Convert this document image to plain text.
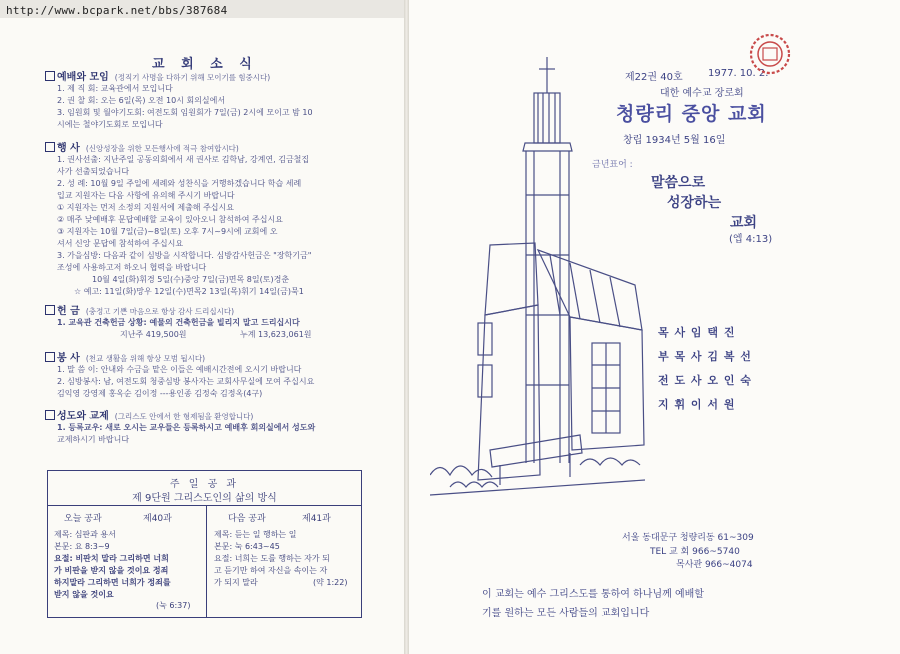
http://www.bcpark.net/bbs/387684
교 회 소 식
예배와 모임 (정직기 사명을 다하기 위해 모이기를 힘중시다)
1. 제 직 회: 교육관에서 모입니다
2. 권 찰 회: 오는 6일(목) 오전 10시 회의실에서
3. 임원회 및 월야기도회: 여전도회 임원회가 7일(금) 2시에 모이고 밤 10
시에는 철야기도회로 모입니다
행 사 (신앙성장을 위한 모든행사에 적극 참여합시다)
1. 권사선출: 지난주일 공동의회에서 새 권사로 김학남, 강계연, 김금철집
사가 선출되었습니다
2. 성 례: 10월 9일 주일에 세례와 성찬식을 거행하겠습니다 학습 세례
입교 지원자는 다음 사항에 유의해 주시기 바랍니다
① 지원자는 먼저 소정의 지원서에 제출해 주십시요
② 매주 낮예배후 문답예배할 교육이 있아오니 참석하여 주십시요
③ 지원자는 10월 7일(금)~8일(토) 오후 7시~9시에 교회에 오
셔서 신앙 문답에 참석하여 주십시요
3. 가을심방: 다음과 같이 심방을 시작합니다. 심방감사헌금은 "장학기금"
조성에 사용하고저 하오니 협력을 바랍니다
10월 4일(화)휘경 5일(수)중앙 7일(금)면목 8일(토)경춘
☆ 예고: 11일(화)망우 12일(수)면목2 13일(목)휘기 14일(금)묵1
헌 금 (충정고 기쁜 마음으로 항상 감사 드리십시다)
1. 교육관 건축헌금 상황: 예물의 건축헌금을 빌리지 말고 드리십시다
지난주 419,500원	누계 13,623,061원
봉 사 (천교 생활을 위해 항상 모범 됩시다)
1. 말 씀 이: 안내와 수금을 맡은 이들은 예배시간전에 오시기 바랍니다
2. 심방봉사: 남, 여전도회 청중심방 봉사자는 교회사무실에 모여 주십시요
김익영 강영제 홍옥순 김이정 ---용인종 김정숙 김정옥(4구)
성도와 교제 (그리스도 안에서 한 형제됨을 환영합니다)
1. 등록교우: 새로 오시는 교우들은 등록하시고 예배후 회의실에서 성도와
교제하시기 바랍니다
주 일 공 과
제 9단원 그리스도인의 삶의 방식
오늘 공과	제40과
제목: 심판과 용서
본문: 요 8:3~9
요절: 비판치 말라 그리하면 너희
가 비판을 받지 않을 것이요 정죄
하지말라 그리하면 너희가 정죄를
받지 않을 것이요
(눅 6:37)
다음 공과	제41과
제목: 듣는 일 행하는 일
본문: 눅 6:43~45
요절: 너희는 도를 행하는 자가 되
고 듣기만 하여 자신을 속이는 자
가 되지 말라	(약 1:22)
제22권 40호	1977. 10. 2.
대한 예수교 장로회
청량리 중앙 교회
창립 1934년 5월 16일
금년표어 :
말씀으로
성장하는
교회
(엡 4:13)
목 사 임 택 진
부 목 사 김 복 선
전 도 사 오 인 숙
지 휘 이 서 원
서울 동대문구 청량리동 61~309
TEL 교 회 966~5740
목사관 966~4074
이 교회는 예수 그리스도를 통하여 하나님께 예배할
기를 원하는 모든 사람들의 교회입니다
